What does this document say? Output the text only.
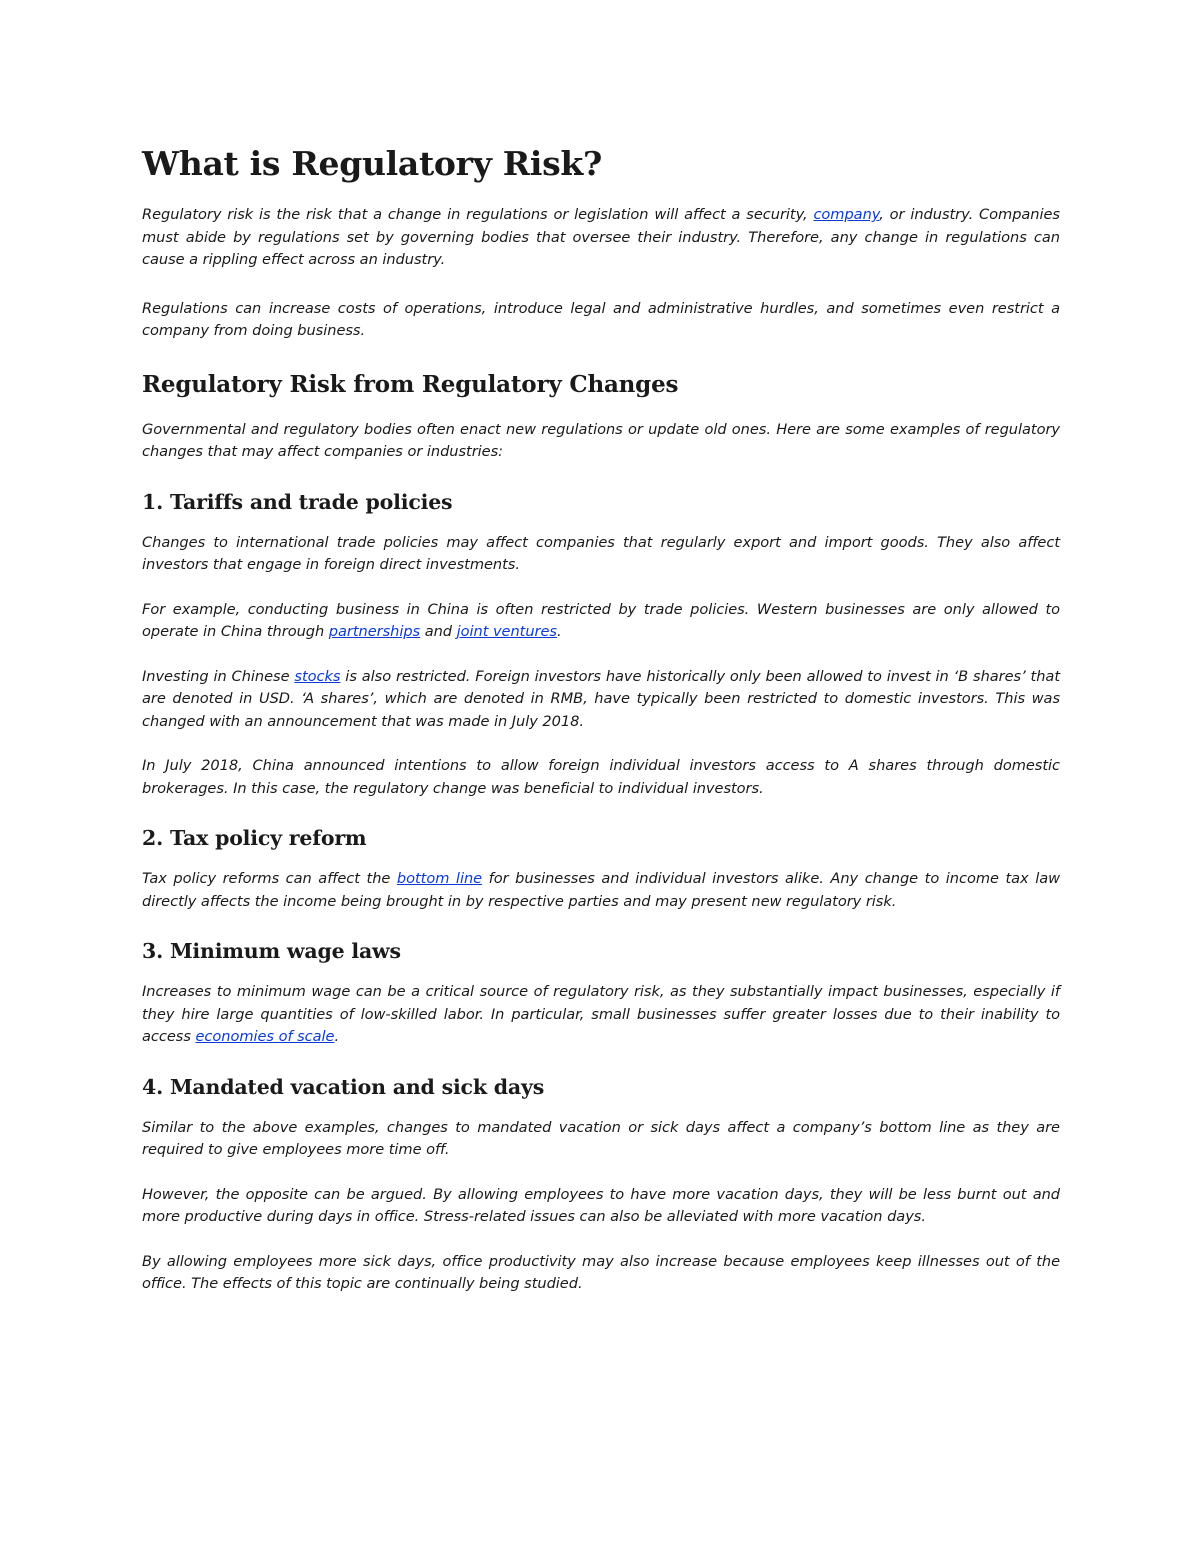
What is Regulatory Risk?

Regulatory risk is the risk that a change in regulations or legislation will affect a security, company, or industry. Companies must abide by regulations set by governing bodies that oversee their industry. Therefore, any change in regulations can cause a rippling effect across an industry.

Regulations can increase costs of operations, introduce legal and administrative hurdles, and sometimes even restrict a company from doing business.

Regulatory Risk from Regulatory Changes

Governmental and regulatory bodies often enact new regulations or update old ones. Here are some examples of regulatory changes that may affect companies or industries:

1. Tariffs and trade policies

Changes to international trade policies may affect companies that regularly export and import goods. They also affect investors that engage in foreign direct investments.

For example, conducting business in China is often restricted by trade policies. Western businesses are only allowed to operate in China through partnerships and joint ventures.

Investing in Chinese stocks is also restricted. Foreign investors have historically only been allowed to invest in ‘B shares’ that are denoted in USD. ‘A shares’, which are denoted in RMB, have typically been restricted to domestic investors. This was changed with an announcement that was made in July 2018.

In July 2018, China announced intentions to allow foreign individual investors access to A shares through domestic brokerages. In this case, the regulatory change was beneficial to individual investors.

2. Tax policy reform

Tax policy reforms can affect the bottom line for businesses and individual investors alike. Any change to income tax law directly affects the income being brought in by respective parties and may present new regulatory risk.

3. Minimum wage laws

Increases to minimum wage can be a critical source of regulatory risk, as they substantially impact businesses, especially if they hire large quantities of low-skilled labor. In particular, small businesses suffer greater losses due to their inability to access economies of scale.

4. Mandated vacation and sick days

Similar to the above examples, changes to mandated vacation or sick days affect a company’s bottom line as they are required to give employees more time off.

However, the opposite can be argued. By allowing employees to have more vacation days, they will be less burnt out and more productive during days in office. Stress-related issues can also be alleviated with more vacation days.

By allowing employees more sick days, office productivity may also increase because employees keep illnesses out of the office. The effects of this topic are continually being studied.
